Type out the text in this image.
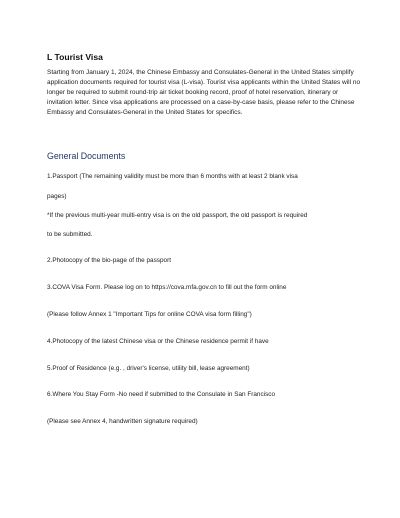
L Tourist Visa

Starting from January 1, 2024, the Chinese Embassy and Consulates-General in the United States simplify application documents required for tourist visa (L-visa). Tourist visa applicants within the United States will no longer be required to submit round-trip air ticket booking record, proof of hotel reservation, itinerary or invitation letter. Since visa applications are processed on a case-by-case basis, please refer to the Chinese Embassy and Consulates-General in the United States for specifics.

General Documents
1.Passport (The remaining validity must be more than 6 months with at least 2 blank visa
pages)
*If the previous multi-year multi-entry visa is on the old passport, the old passport is required
to be submitted.
2.Photocopy of the bio-page of the passport
3.COVA Visa Form. Please log on to https://cova.mfa.gov.cn to fill out the form online
(Please follow Annex 1 "Important Tips for online COVA visa form filling")
4.Photocopy of the latest Chinese visa or the Chinese residence permit if have
5.Proof of Residence (e.g. , driver's license, utility bill, lease agreement)
6.Where You Stay Form -No need if submitted to the Consulate in San Francisco
(Please see Annex 4, handwritten signature required)
